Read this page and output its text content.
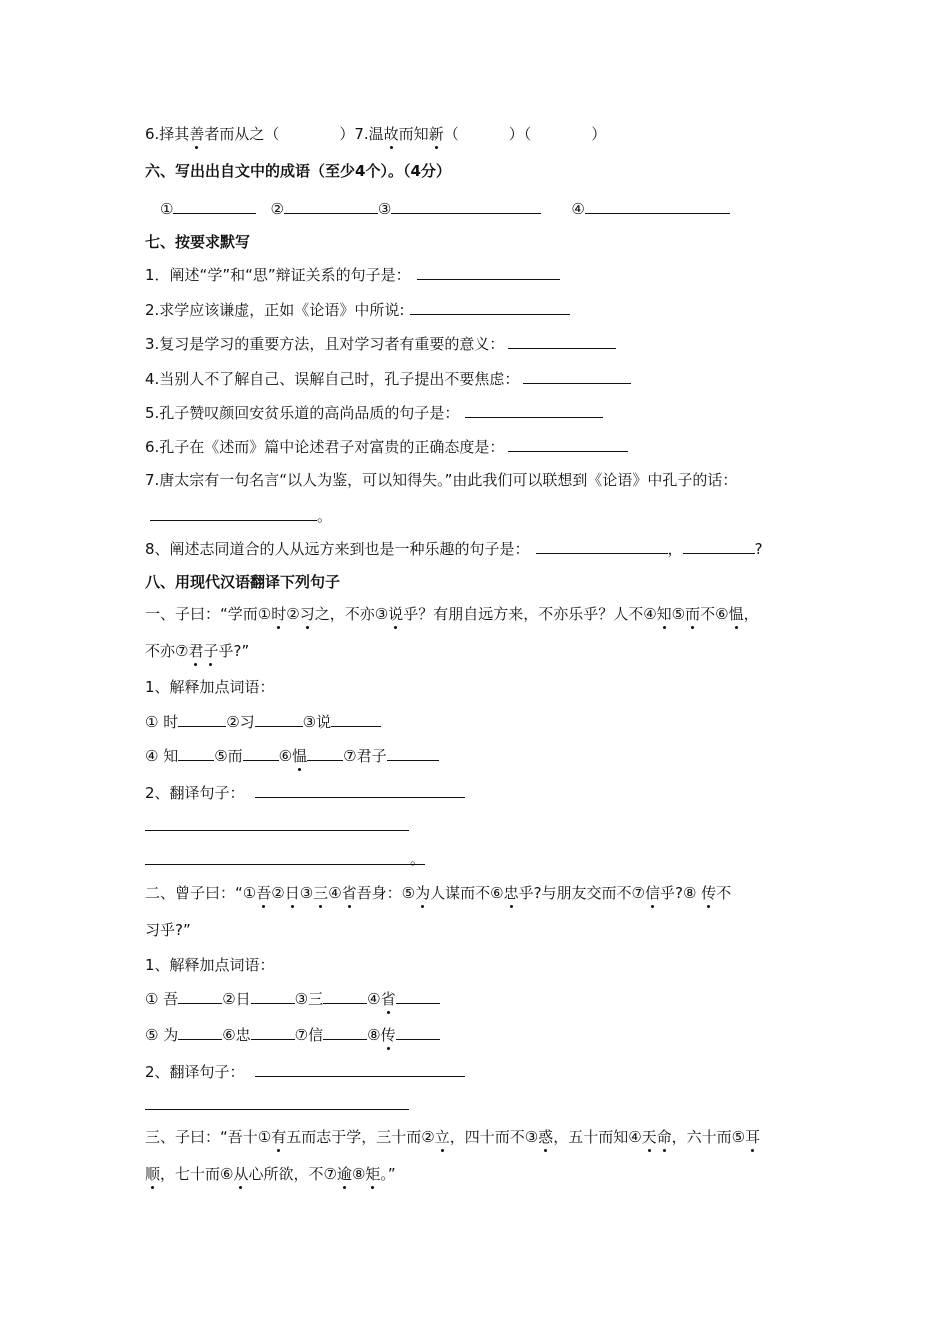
6.择其善者而从之（	）7.温故而知新（	）（	）
六、写出出自文中的成语（至少4个）。（4分）
①	②	③	④
七、按要求默写
1．阐述“学”和“思”辩证关系的句子是：
2.求学应该谦虚，正如《论语》中所说:
3.复习是学习的重要方法，且对学习者有重要的意义：
4.当别人不了解自己、误解自己时，孔子提出不要焦虑：
5.孔子赞叹颜回安贫乐道的高尚品质的句子是：
6.孔子在《述而》篇中论述君子对富贵的正确态度是：
7.唐太宗有一句名言“以人为鉴，可以知得失。”由此我们可以联想到《论语》中孔子的话：
。
8、阐述志同道合的人从远方来到也是一种乐趣的句子是：	，	?
八、用现代汉语翻译下列句子
一、子曰：“学而①时②习之，不亦③说乎？有朋自远方来，不亦乐乎？人不④知⑤而不⑥愠，
不亦⑦君子乎?”
1、解释加点词语：
① 时	②习	③说
④ 知 ⑤而 ⑥愠 ⑦君子
2、翻译句子：
。
二、曾子曰：“①吾②日③三④省吾身：⑤为人谋而不⑥忠乎?与朋友交而不⑦信乎?⑧ 传不
习乎?”
1、解释加点词语：
① 吾	②日	③三	④省
⑤ 为	⑥忠	⑦信	⑧传
2、翻译句子：
三、子曰：“吾十①有五而志于学，三十而②立，四十而不③惑，五十而知④天命，六十而⑤耳
顺，七十而⑥从心所欲，不⑦逾⑧矩。”
